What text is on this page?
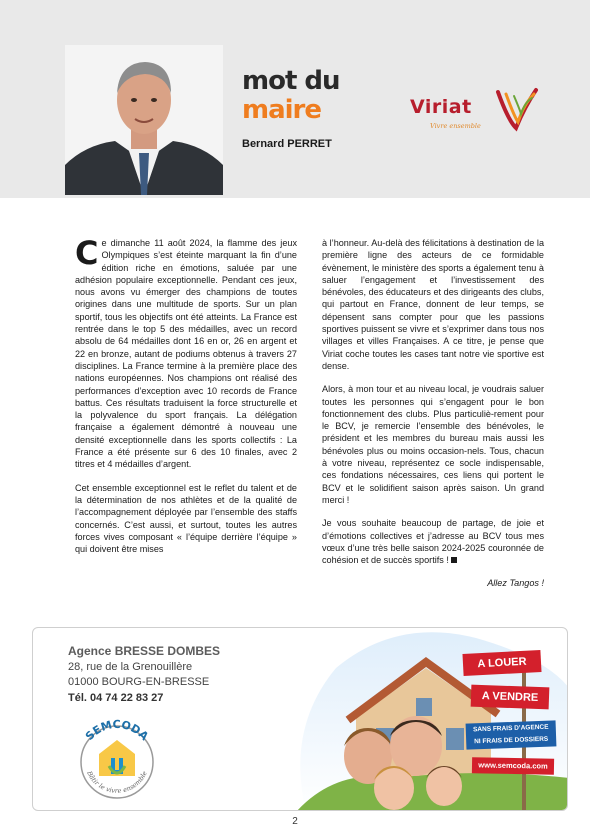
mot du
maire
Bernard PERRET
Viriat
Vivre ensemble

Ce dimanche 11 août 2024, la flamme des jeux Olympiques s’est éteinte marquant la fin d’une édition riche en émotions, saluée par une adhésion populaire exceptionnelle. Pendant ces jeux, nous avons vu émerger des champions de toutes origines dans une multitude de sports. Sur un plan sportif, tous les objectifs ont été atteints. La France est rentrée dans le top 5 des médailles, avec un record absolu de 64 médailles dont 16 en or, 26 en argent et 22 en bronze, autant de podiums obtenus à travers 27 disciplines. La France termine à la première place des nations européennes. Nos champions ont réalisé des performances d’exception avec 10 records de France battus. Ces résultats traduisent la force structurelle et la polyvalence du sport français. La délégation française a également démontré à nouveau une densité exceptionnelle dans les sports collectifs : La France a été présente sur 6 des 10 finales, avec 2 titres et 4 médailles d’argent.

Cet ensemble exceptionnel est le reflet du talent et de la détermination de nos athlètes et de la qualité de l’accompagnement déployée par l’ensemble des staffs concernés. C’est aussi, et surtout, toutes les autres forces vives composant « l’équipe derrière l’équipe » qui doivent être mises

à l’honneur. Au-delà des félicitations à destination de la première ligne des acteurs de ce formidable évènement, le ministère des sports a également tenu à saluer l’engagement et l’investissement des bénévoles, des éducateurs et des dirigeants des clubs, qui partout en France, donnent de leur temps, se dépensent sans compter pour que les passions sportives puissent se vivre et s’exprimer dans tous nos villages et villes Françaises. A ce titre, je pense que Viriat coche toutes les cases tant notre vie sportive est dense.

Alors, à mon tour et au niveau local, je voudrais saluer toutes les personnes qui s’engagent pour le bon fonctionnement des clubs. Plus particuliè-rement pour le BCV, je remercie l’ensemble des bénévoles, le président et les membres du bureau mais aussi les bénévoles plus ou moins occasion-nels. Tous, chacun à votre niveau, représentez ce socle indispensable, ces fondations nécessaires, ces liens qui portent le BCV et le solidifient saison après saison. Un grand merci !

Je vous souhaite beaucoup de partage, de joie et d’émotions collectives et j’adresse au BCV tous mes vœux d’une très belle saison 2024-2025 couronnée de cohésion et de succès sportifs !

Allez Tangos !
Agence BRESSE DOMBES
28, rue de la Grenouillère
01000 BOURG-EN-BRESSE
Tél. 04 74 22 83 27
SEMCODA
Bâtir le vivre ensemble
A LOUER
A VENDRE
SANS FRAIS D’AGENCE
NI FRAIS DE DOSSIERS
www.semcoda.com
2
